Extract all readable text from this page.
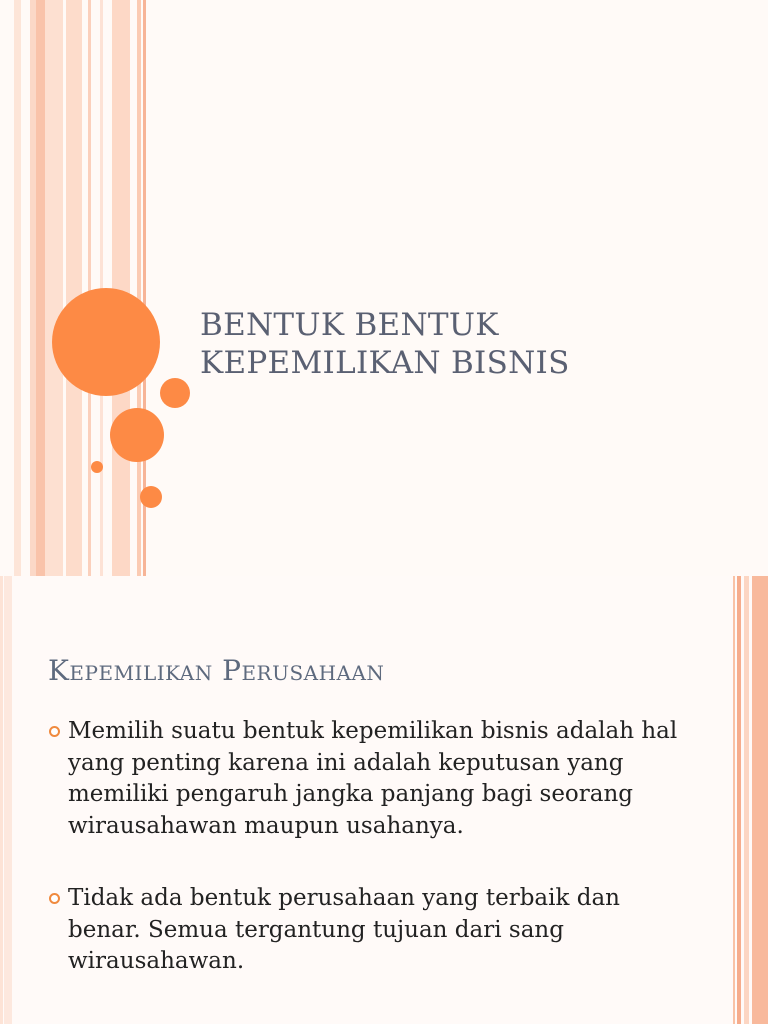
BENTUK BENTUK
KEPEMILIKAN BISNIS
Kepemilikan Perusahaan
Memilih suatu bentuk kepemilikan bisnis adalah hal yang penting karena ini adalah keputusan yang memiliki pengaruh jangka panjang bagi seorang wirausahawan maupun usahanya.
Tidak ada bentuk perusahaan yang terbaik dan benar. Semua tergantung tujuan dari sang wirausahawan.
